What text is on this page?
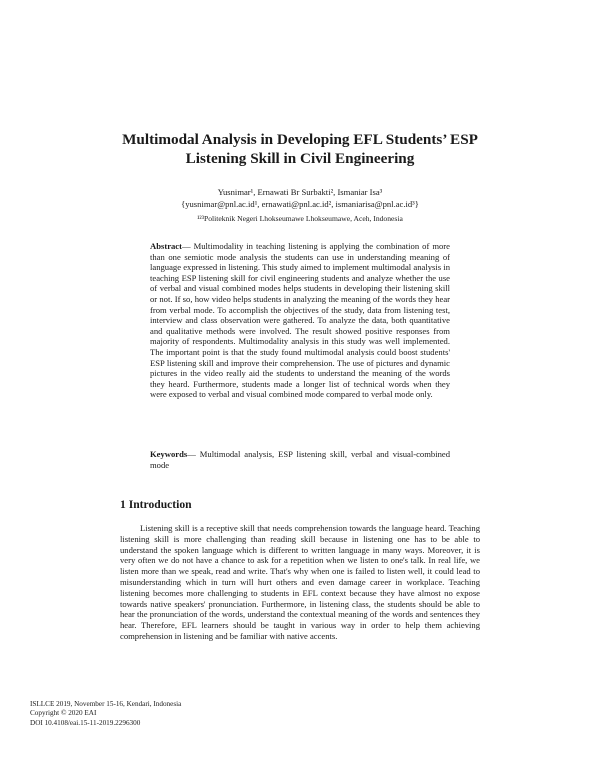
Multimodal Analysis in Developing EFL Students’ ESP
Listening Skill in Civil Engineering
Yusnimar¹, Ernawati Br Surbakti², Ismaniar Isa³
{yusnimar@pnl.ac.id¹, ernawati@pnl.ac.id², ismaniarisa@pnl.ac.id³}
¹²³Politeknik Negeri Lhokseumawe Lhokseumawe, Aceh, Indonesia
Abstract— Multimodality in teaching listening is applying the combination of more than one semiotic mode analysis the students can use in understanding meaning of language expressed in listening. This study aimed to implement multimodal analysis in teaching ESP listening skill for civil engineering students and analyze whether the use of verbal and visual combined modes helps students in developing their listening skill or not. If so, how video helps students in analyzing the meaning of the words they hear from verbal mode. To accomplish the objectives of the study, data from listening test, interview and class observation were gathered. To analyze the data, both quantitative and qualitative methods were involved. The result showed positive responses from majority of respondents. Multimodality analysis in this study was well implemented. The important point is that the study found multimodal analysis could boost students' ESP listening skill and improve their comprehension. The use of pictures and dynamic pictures in the video really aid the students to understand the meaning of the words they heard. Furthermore, students made a longer list of technical words when they were exposed to verbal and visual combined mode compared to verbal mode only.
Keywords— Multimodal analysis, ESP listening skill, verbal and visual-combined mode
1 Introduction
Listening skill is a receptive skill that needs comprehension towards the language heard. Teaching listening skill is more challenging than reading skill because in listening one has to be able to understand the spoken language which is different to written language in many ways. Moreover, it is very often we do not have a chance to ask for a repetition when we listen to one's talk. In real life, we listen more than we speak, read and write. That's why when one is failed to listen well, it could lead to misunderstanding which in turn will hurt others and even damage career in workplace. Teaching listening becomes more challenging to students in EFL context because they have almost no expose towards native speakers' pronunciation. Furthermore, in listening class, the students should be able to hear the pronunciation of the words, understand the contextual meaning of the words and sentences they hear. Therefore, EFL learners should be taught in various way in order to help them achieving comprehension in listening and be familiar with native accents.
ISLLCE 2019, November 15-16, Kendari, Indonesia
Copyright © 2020 EAI
DOI 10.4108/eai.15-11-2019.2296300
